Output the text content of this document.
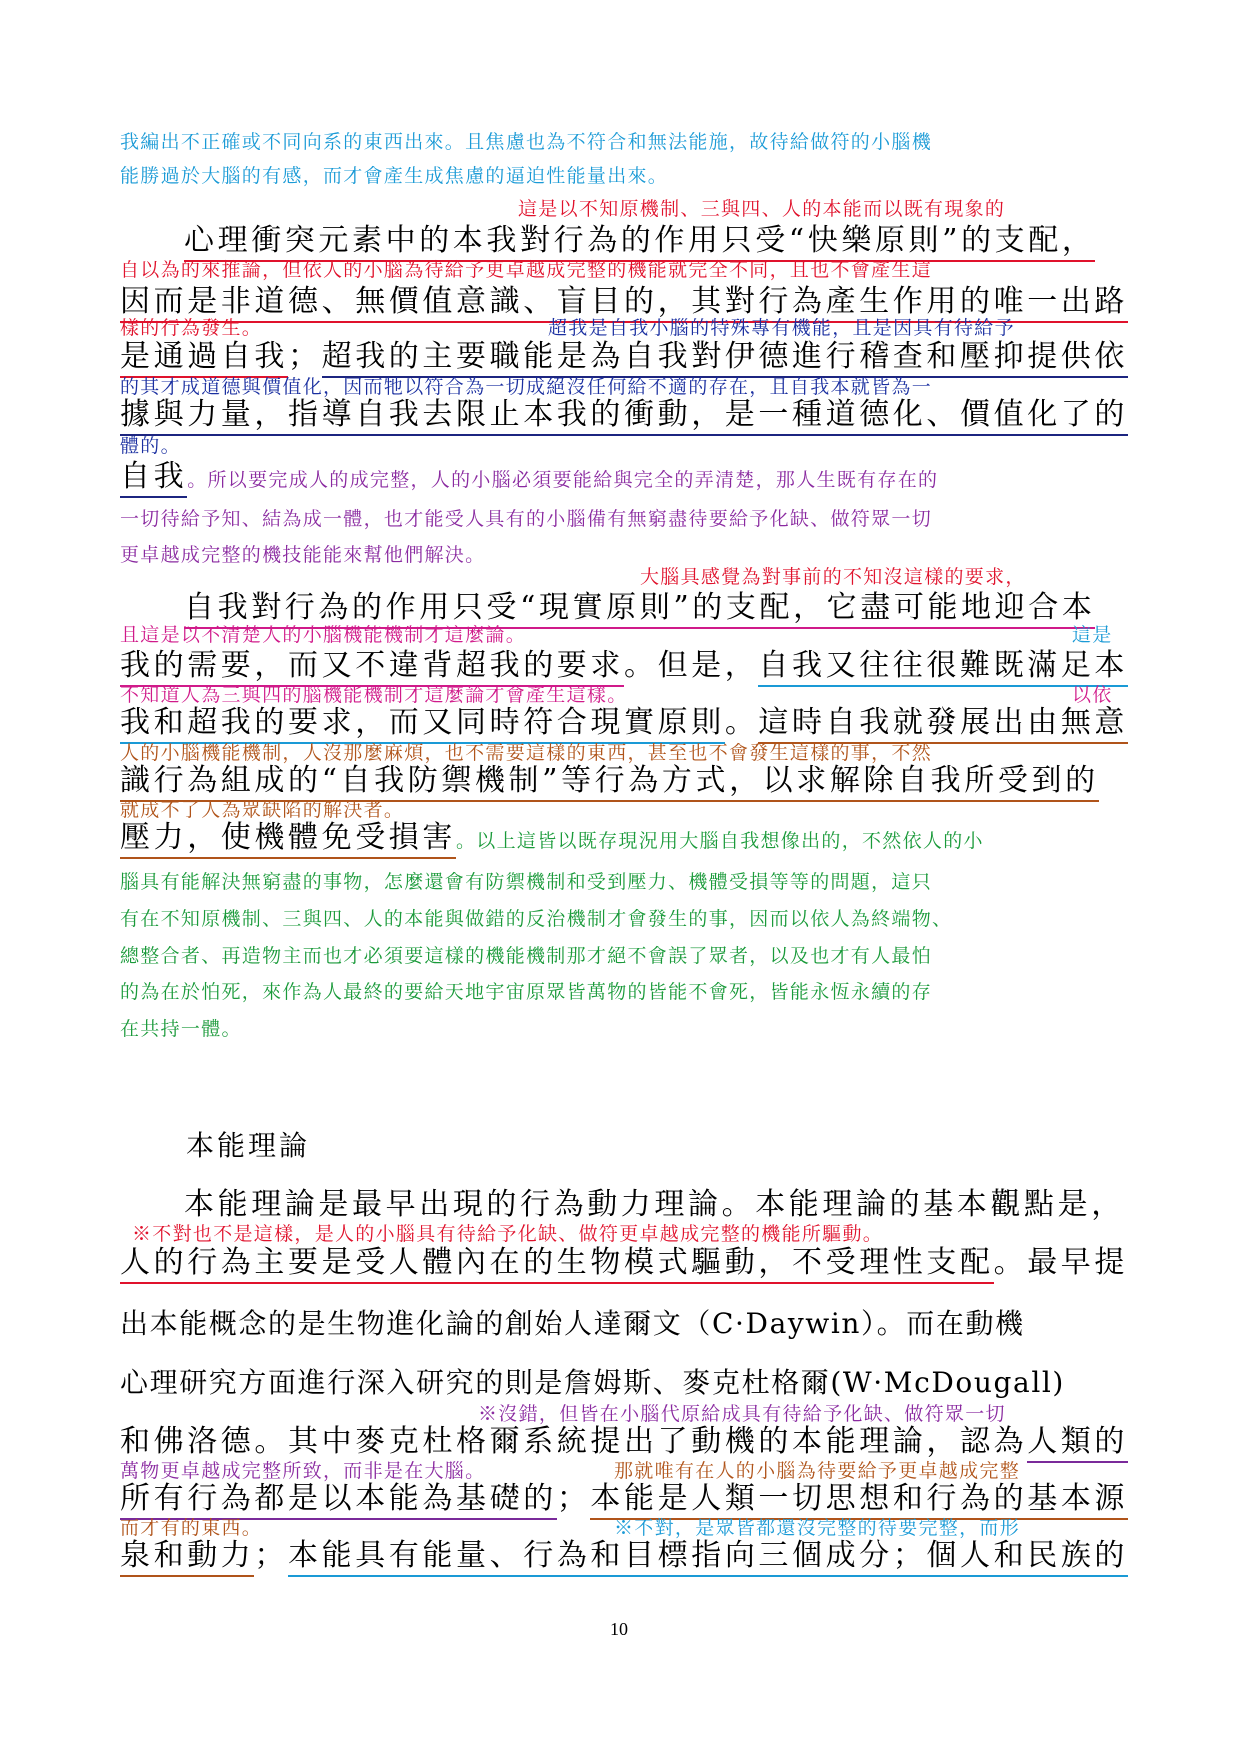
我編出不正確或不同向系的東西出來。且焦慮也為不符合和無法能施，故待給做符的小腦機
能勝過於大腦的有感，而才會產生成焦慮的逼迫性能量出來。
這是以不知原機制、三與四、人的本能而以既有現象的
心理衝突元素中的本我對行為的作用只受“快樂原則”的支配，
自以為的來推論，但依人的小腦為待給予更卓越成完整的機能就完全不同，且也不會產生這
因而是非道德、無價值意識、盲目的，其對行為產生作用的唯一出路
樣的行為發生。	超我是自我小腦的特殊專有機能，且是因具有待給予
是通過自我；超我的主要職能是為自我對伊德進行稽查和壓抑提供依
的其才成道德與價值化，因而牠以符合為一切成絕沒任何給不適的存在，且自我本就皆為一
據與力量，指導自我去限止本我的衝動，是一種道德化、價值化了的
體的。
自我。所以要完成人的成完整，人的小腦必須要能給與完全的弄清楚，那人生既有存在的
一切待給予知、結為成一體，也才能受人具有的小腦備有無窮盡待要給予化缺、做符眾一切
更卓越成完整的機技能能來幫他們解決。
大腦具感覺為對事前的不知沒這樣的要求，
自我對行為的作用只受“現實原則”的支配，它盡可能地迎合本
且這是以不清楚人的小腦機能機制才這麼論。	這是
我的需要，而又不違背超我的要求。但是，自我又往往很難既滿足本
不知道人為三與四的腦機能機制才這麼論才會產生這樣。	以依
我和超我的要求，而又同時符合現實原則。這時自我就發展出由無意
人的小腦機能機制，人沒那麼麻煩，也不需要這樣的東西，甚至也不會發生這樣的事，不然
識行為組成的“自我防禦機制”等行為方式，以求解除自我所受到的
就成不了人為眾缺陷的解決者。
壓力，使機體免受損害。以上這皆以既存現況用大腦自我想像出的，不然依人的小
腦具有能解決無窮盡的事物，怎麼還會有防禦機制和受到壓力、機體受損等等的問題，這只
有在不知原機制、三與四、人的本能與做錯的反治機制才會發生的事，因而以依人為終端物、
總整合者、再造物主而也才必須要這樣的機能機制那才絕不會誤了眾者，以及也才有人最怕
的為在於怕死，來作為人最終的要給天地宇宙原眾皆萬物的皆能不會死，皆能永恆永續的存
在共持一體。
本能理論
本能理論是最早出現的行為動力理論。本能理論的基本觀點是，
※不對也不是這樣，是人的小腦具有待給予化缺、做符更卓越成完整的機能所驅動。
人的行為主要是受人體內在的生物模式驅動，不受理性支配。最早提
出本能概念的是生物進化論的創始人達爾文（C·Daywin）。而在動機
心理研究方面進行深入研究的則是詹姆斯、麥克杜格爾(W·McDougall)
※沒錯，但皆在小腦代原給成具有待給予化缺、做符眾一切
和佛洛德。其中麥克杜格爾系統提出了動機的本能理論，認為人類的
萬物更卓越成完整所致，而非是在大腦。	那就唯有在人的小腦為待要給予更卓越成完整
所有行為都是以本能為基礎的；本能是人類一切思想和行為的基本源
而才有的東西。	※不對，是眾皆都還沒完整的待要完整，而形
泉和動力；本能具有能量、行為和目標指向三個成分；個人和民族的
10
